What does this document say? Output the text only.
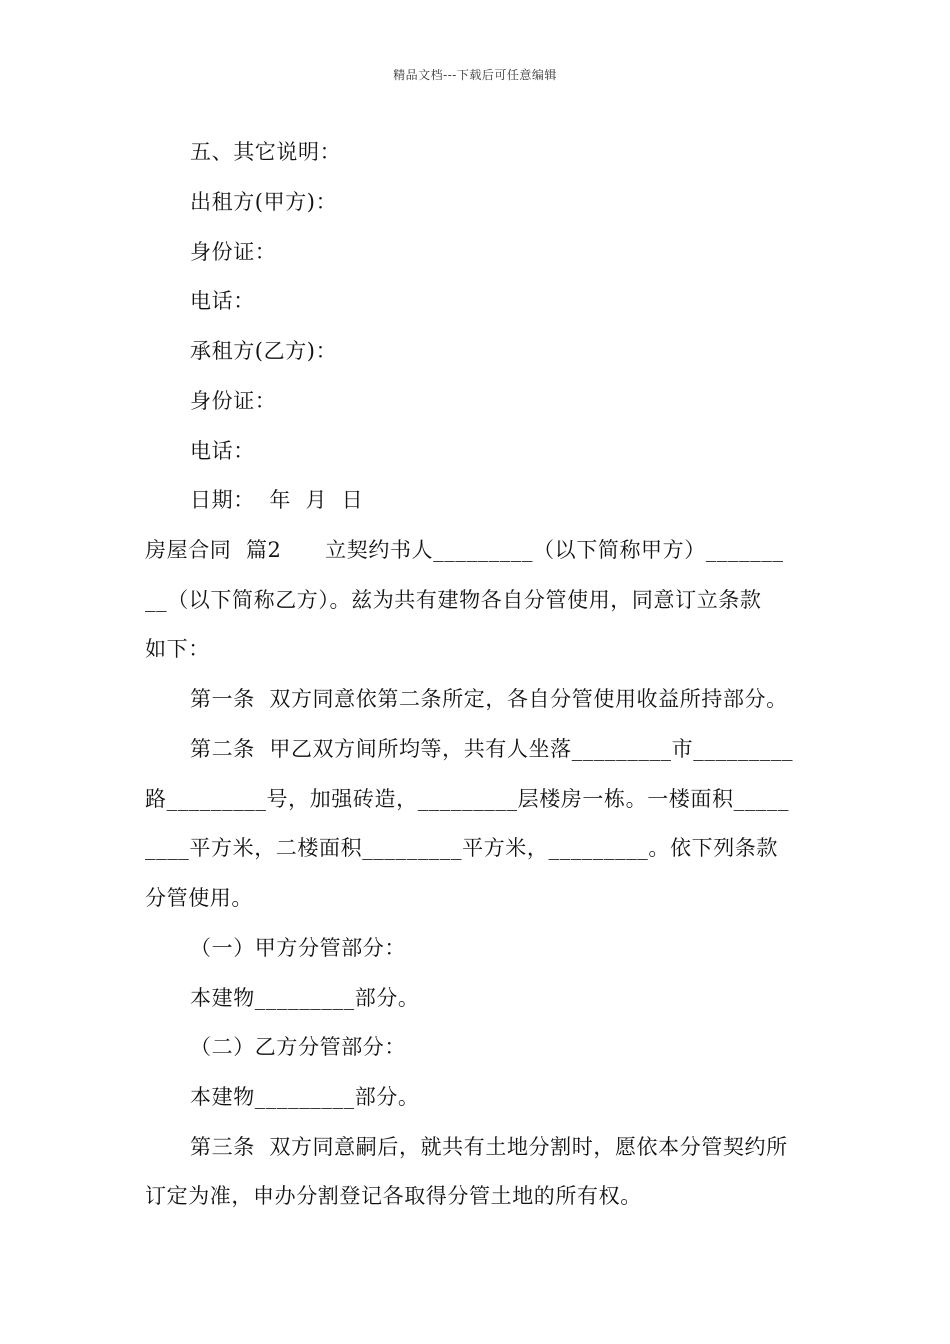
精品文档---下载后可任意编辑
五、其它说明：
出租方(甲方)：
身份证：
电话：
承租方(乙方)：
身份证：
电话：
日期：  年  月  日
房屋合同  篇2      立契约书人_________（以下简称甲方）_______
__（以下简称乙方）。兹为共有建物各自分管使用，同意订立条款
如下：
第一条  双方同意依第二条所定，各自分管使用收益所持部分。
第二条  甲乙双方间所均等，共有人坐落_________市_________
路_________号，加强砖造，_________层楼房一栋。一楼面积_____
____平方米，二楼面积_________平方米，_________。依下列条款
分管使用。
（一）甲方分管部分：
本建物_________部分。
（二）乙方分管部分：
本建物_________部分。
第三条  双方同意嗣后，就共有土地分割时，愿依本分管契约所
订定为准，申办分割登记各取得分管土地的所有权。
